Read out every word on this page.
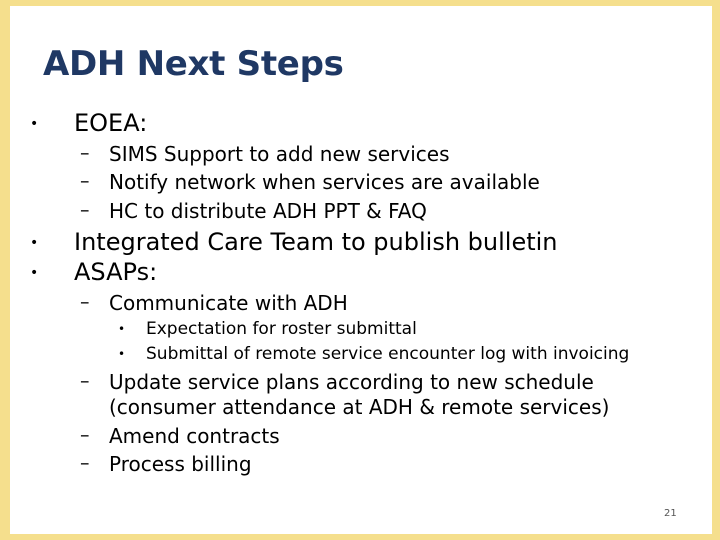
ADH Next Steps
• EOEA:
– SIMS Support to add new services
– Notify network when services are available
– HC to distribute ADH PPT & FAQ
• Integrated Care Team to publish bulletin
• ASAPs:
– Communicate with ADH
• Expectation for roster submittal
• Submittal of remote service encounter log with invoicing
– Update service plans according to new schedule
(consumer attendance at ADH & remote services)
– Amend contracts
– Process billing
21
